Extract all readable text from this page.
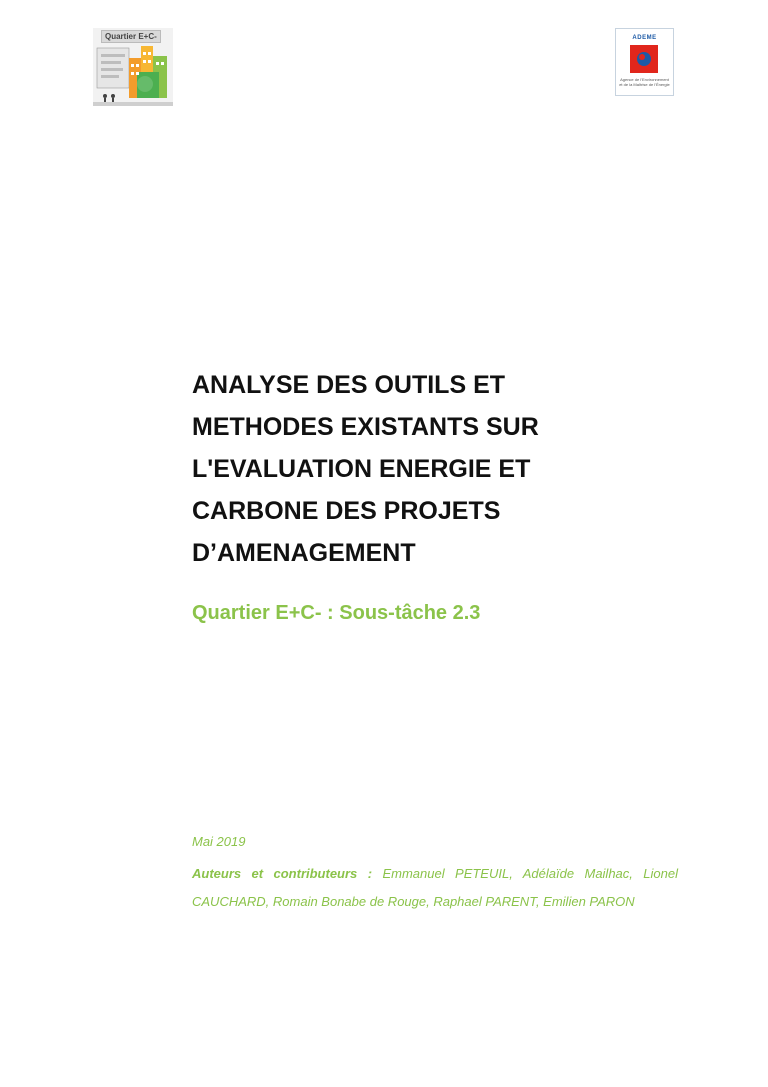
Quartier E+C-	ADEME
Agence de l'Environnement et de la Maîtrise de l'Énergie
ANALYSE DES OUTILS ET
METHODES EXISTANTS SUR
L'EVALUATION ENERGIE ET
CARBONE DES PROJETS
D’AMENAGEMENT
Quartier E+C- : Sous-tâche 2.3
Mai 2019
Auteurs et contributeurs : Emmanuel PETEUIL, Adélaïde Mailhac, Lionel CAUCHARD, Romain Bonabe de Rouge, Raphael PARENT, Emilien PARON
